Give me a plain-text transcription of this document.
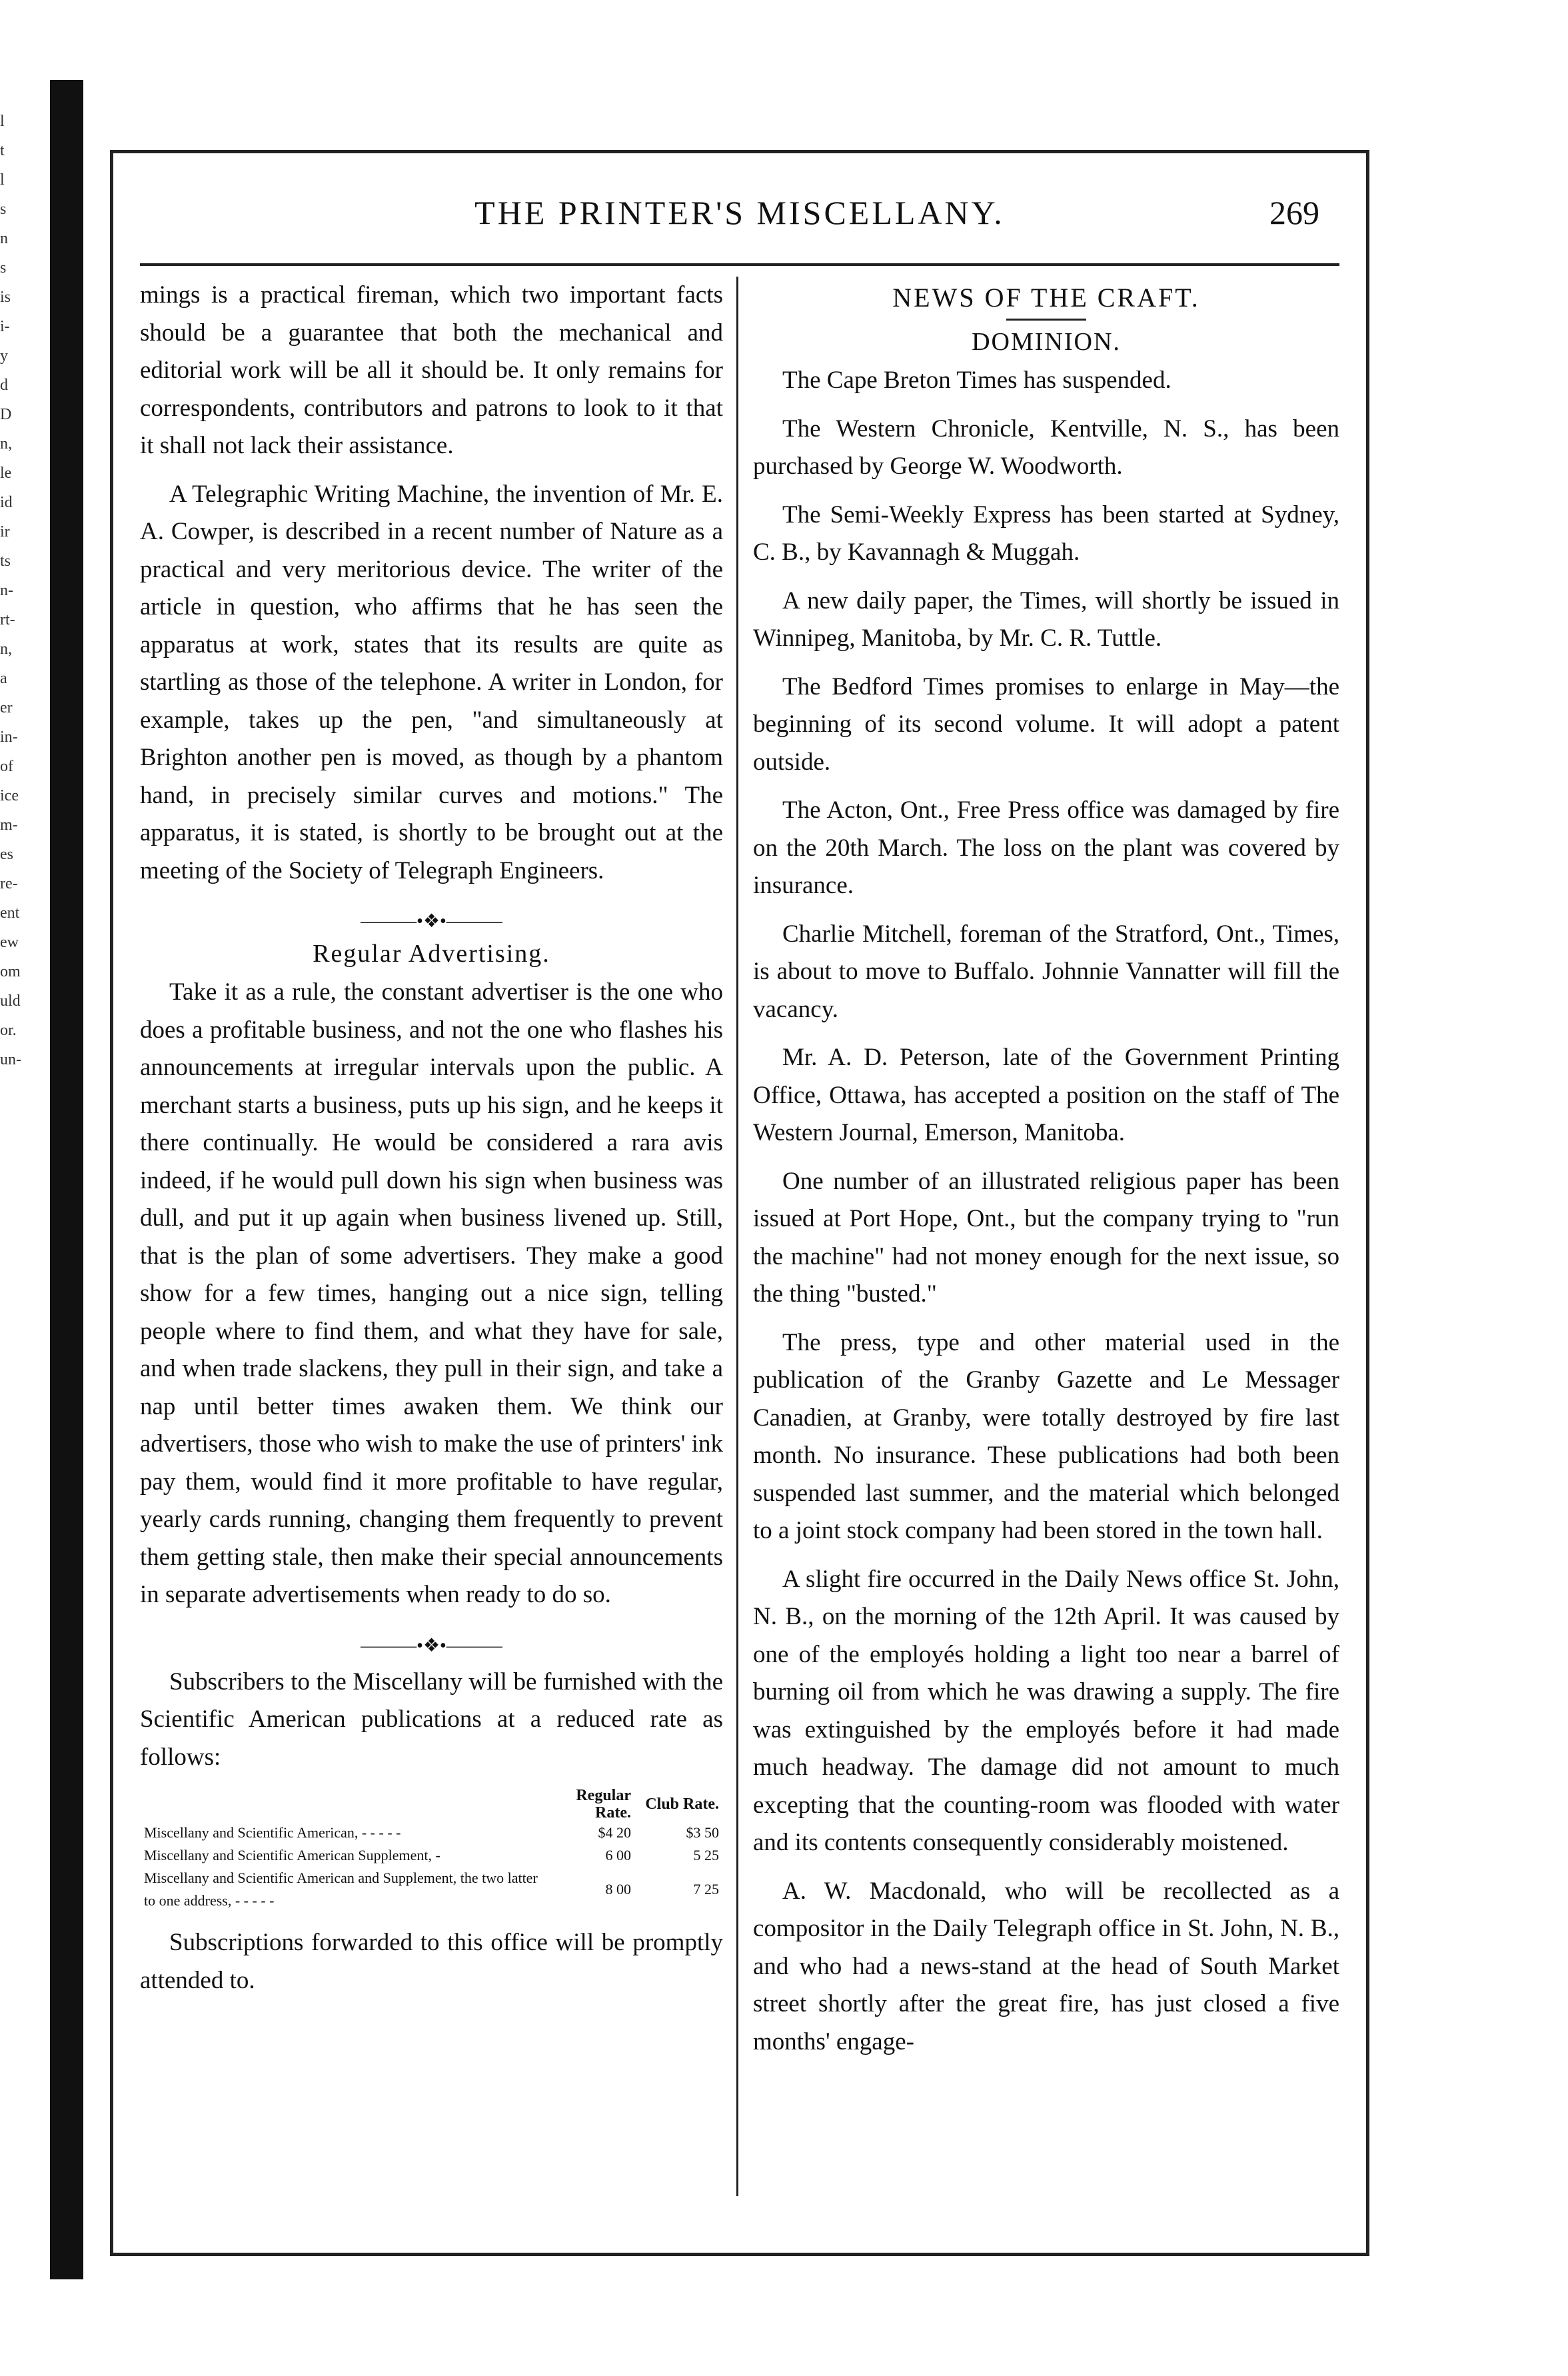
l
t
l
s
n
s
is
i-
y
d
D
n,
le
id
ir
ts
n-
rt-
n,
a
er
in-
of
ice
m-
es
re-
ent
ew
om
uld
or.
un-
THE PRINTER'S MISCELLANY.	269

mings is a practical fireman, which two important facts should be a guarantee that both the mechanical and editorial work will be all it should be. It only remains for correspondents, contributors and patrons to look to it that it shall not lack their assistance.

A Telegraphic Writing Machine, the invention of Mr. E. A. Cowper, is described in a recent number of Nature as a practical and very meritorious device. The writer of the article in question, who affirms that he has seen the apparatus at work, states that its results are quite as startling as those of the telephone. A writer in London, for example, takes up the pen, "and simultaneously at Brighton another pen is moved, as though by a phantom hand, in precisely similar curves and motions." The apparatus, it is stated, is shortly to be brought out at the meeting of the Society of Telegraph Engineers.

———•❖•———
Regular Advertising.

Take it as a rule, the constant advertiser is the one who does a profitable business, and not the one who flashes his announcements at irregular intervals upon the public. A merchant starts a business, puts up his sign, and he keeps it there continually. He would be considered a rara avis indeed, if he would pull down his sign when business was dull, and put it up again when business livened up. Still, that is the plan of some advertisers. They make a good show for a few times, hanging out a nice sign, telling people where to find them, and what they have for sale, and when trade slackens, they pull in their sign, and take a nap until better times awaken them. We think our advertisers, those who wish to make the use of printers' ink pay them, would find it more profitable to have regular, yearly cards running, changing them frequently to prevent them getting stale, then make their special announcements in separate advertisements when ready to do so.

———•❖•———

Subscribers to the Miscellany will be furnished with the Scientific American publications at a reduced rate as follows:

	Regular Rate.	Club Rate.
Miscellany and Scientific American, - - - - -	$4 20	$3 50
Miscellany and Scientific American Supplement, -	6 00	5 25
Miscellany and Scientific American and Supplement, the two latter to one address, - - - - -	8 00	7 25

Subscriptions forwarded to this office will be promptly attended to.

NEWS OF THE CRAFT.
DOMINION.

The Cape Breton Times has suspended.

The Western Chronicle, Kentville, N. S., has been purchased by George W. Woodworth.

The Semi-Weekly Express has been started at Sydney, C. B., by Kavannagh & Muggah.

A new daily paper, the Times, will shortly be issued in Winnipeg, Manitoba, by Mr. C. R. Tuttle.

The Bedford Times promises to enlarge in May—the beginning of its second volume. It will adopt a patent outside.

The Acton, Ont., Free Press office was damaged by fire on the 20th March. The loss on the plant was covered by insurance.

Charlie Mitchell, foreman of the Stratford, Ont., Times, is about to move to Buffalo. Johnnie Vannatter will fill the vacancy.

Mr. A. D. Peterson, late of the Government Printing Office, Ottawa, has accepted a position on the staff of The Western Journal, Emerson, Manitoba.

One number of an illustrated religious paper has been issued at Port Hope, Ont., but the company trying to "run the machine" had not money enough for the next issue, so the thing "busted."

The press, type and other material used in the publication of the Granby Gazette and Le Messager Canadien, at Granby, were totally destroyed by fire last month. No insurance. These publications had both been suspended last summer, and the material which belonged to a joint stock company had been stored in the town hall.

A slight fire occurred in the Daily News office St. John, N. B., on the morning of the 12th April. It was caused by one of the employés holding a light too near a barrel of burning oil from which he was drawing a supply. The fire was extinguished by the employés before it had made much headway. The damage did not amount to much excepting that the counting-room was flooded with water and its contents consequently considerably moistened.

A. W. Macdonald, who will be recollected as a compositor in the Daily Telegraph office in St. John, N. B., and who had a news-stand at the head of South Market street shortly after the great fire, has just closed a five months' engage-
